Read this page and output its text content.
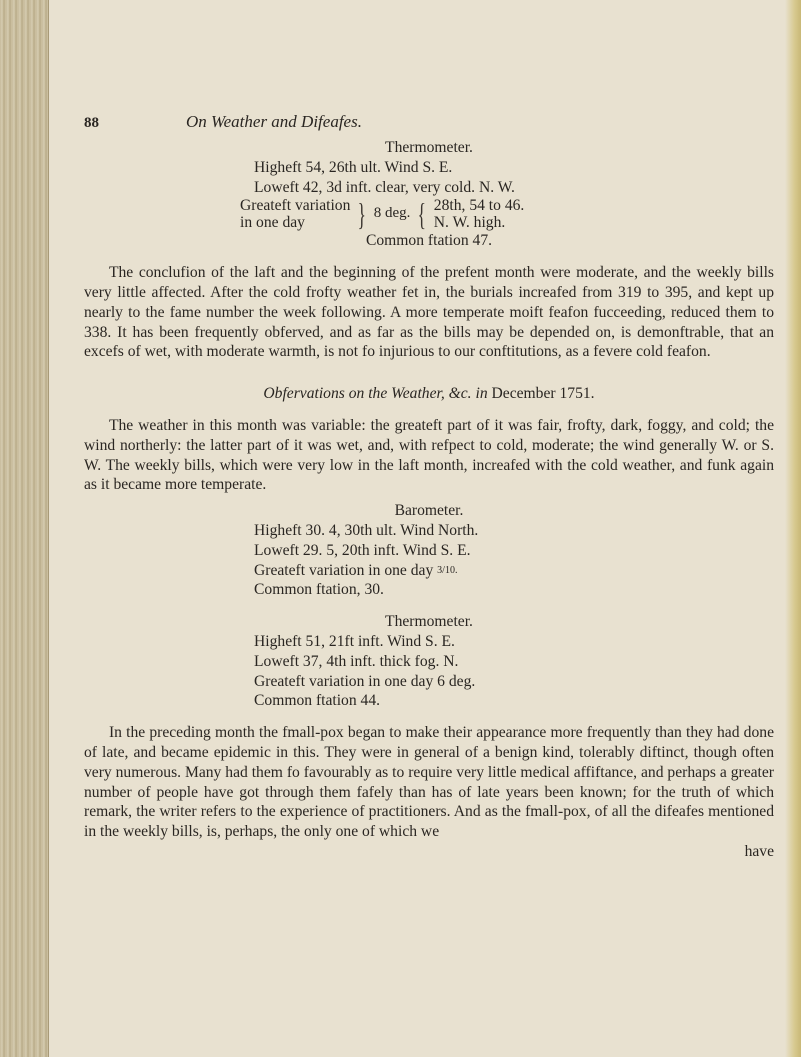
88	On Weather and Difeafes.
Thermometer.
Higheft 54, 26th ult. Wind S. E.
Loweft 42, 3d inft. clear, very cold. N. W.
Greateft variation
in one day	} 8 deg. { 28th, 54 to 46.
N. W. high.
Common ftation 47.

The conclufion of the laft and the beginning of the prefent month were moderate, and the weekly bills very little affected. After the cold frofty weather fet in, the burials increafed from 319 to 395, and kept up nearly to the fame number the week following. A more temperate moift feafon fucceeding, reduced them to 338. It has been frequently obferved, and as far as the bills may be depended on, is demonftrable, that an excefs of wet, with moderate warmth, is not fo injurious to our conftitutions, as a fevere cold feafon.

Obfervations on the Weather, &c. in December 1751.

The weather in this month was variable: the greateft part of it was fair, frofty, dark, foggy, and cold; the wind northerly: the latter part of it was wet, and, with refpect to cold, moderate; the wind generally W. or S. W. The weekly bills, which were very low in the laft month, increafed with the cold weather, and funk again as it became more temperate.

Barometer.
Higheft 30. 4, 30th ult. Wind North.
Loweft 29. 5, 20th inft. Wind S. E.
Greateft variation in one day 3/10.
Common ftation, 30.
Thermometer.
Higheft 51, 21ft inft. Wind S. E.
Loweft 37, 4th inft. thick fog. N.
Greateft variation in one day 6 deg.
Common ftation 44.

In the preceding month the fmall-pox began to make their appearance more frequently than they had done of late, and became epidemic in this. They were in general of a benign kind, tolerably diftinct, though often very numerous. Many had them fo favourably as to require very little medical affiftance, and perhaps a greater number of people have got through them fafely than has of late years been known; for the truth of which remark, the writer refers to the experience of practitioners. And as the fmall-pox, of all the difeafes mentioned in the weekly bills, is, perhaps, the only one of which we

have
